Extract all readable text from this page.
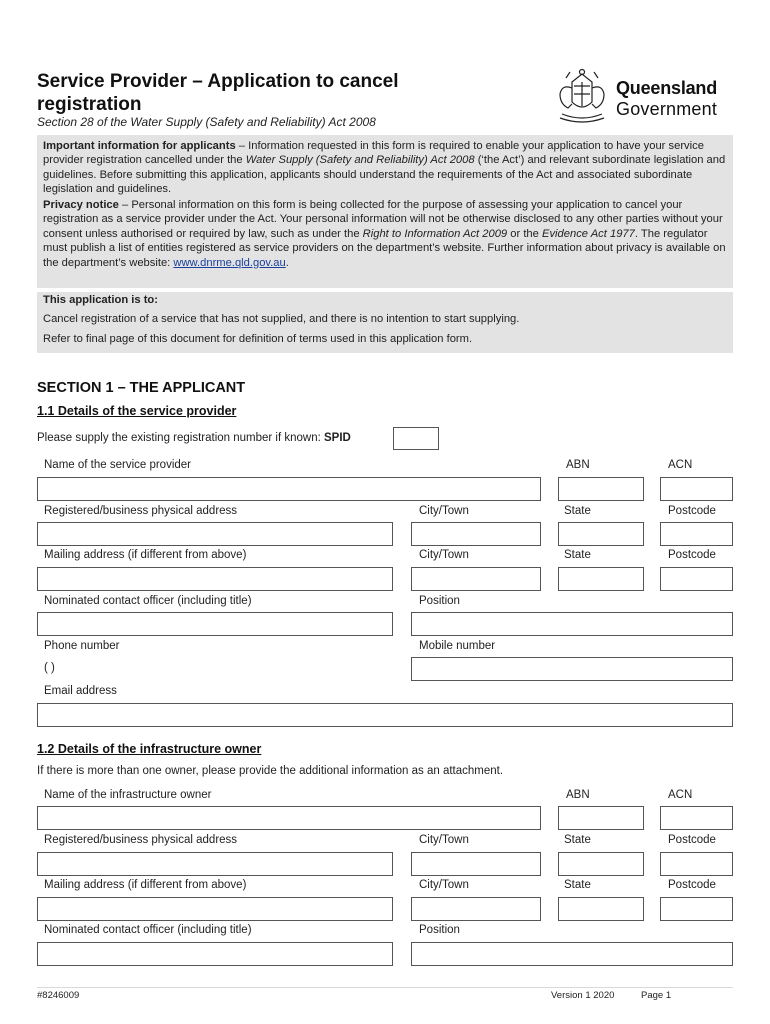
Service Provider – Application to cancel registration
Section 28 of the Water Supply (Safety and Reliability) Act 2008
Queensland
Government

Important information for applicants – Information requested in this form is required to enable your application to have your service provider registration cancelled under the Water Supply (Safety and Reliability) Act 2008 (‘the Act’) and relevant subordinate legislation and guidelines. Before submitting this application, applicants should understand the requirements of the Act and associated subordinate legislation and guidelines.

Privacy notice – Personal information on this form is being collected for the purpose of assessing your application to cancel your registration as a service provider under the Act. Your personal information will not be otherwise disclosed to any other parties without your consent unless authorised or required by law, such as under the Right to Information Act 2009 or the Evidence Act 1977. The regulator must publish a list of entities registered as service providers on the department’s website. Further information about privacy is available on the department’s website: www.dnrme.qld.gov.au.

This application is to:

Cancel registration of a service that has not supplied, and there is no intention to start supplying.

Refer to final page of this document for definition of terms used in this application form.

SECTION 1 – THE APPLICANT
1.1 Details of the service provider
Please supply the existing registration number if known: SPID
Name of the service provider	ABN	ACN
Registered/business physical address	City/Town	State	Postcode
Mailing address (if different from above)	City/Town	State	Postcode
Nominated contact officer (including title)	Position
Phone number	Mobile number
( )
Email address
1.2 Details of the infrastructure owner
If there is more than one owner, please provide the additional information as an attachment.
Name of the infrastructure owner	ABN	ACN
Registered/business physical address	City/Town	State	Postcode
Mailing address (if different from above)	City/Town	State	Postcode
Nominated contact officer (including title)	Position
#8246009	Version 1 2020	Page 1
